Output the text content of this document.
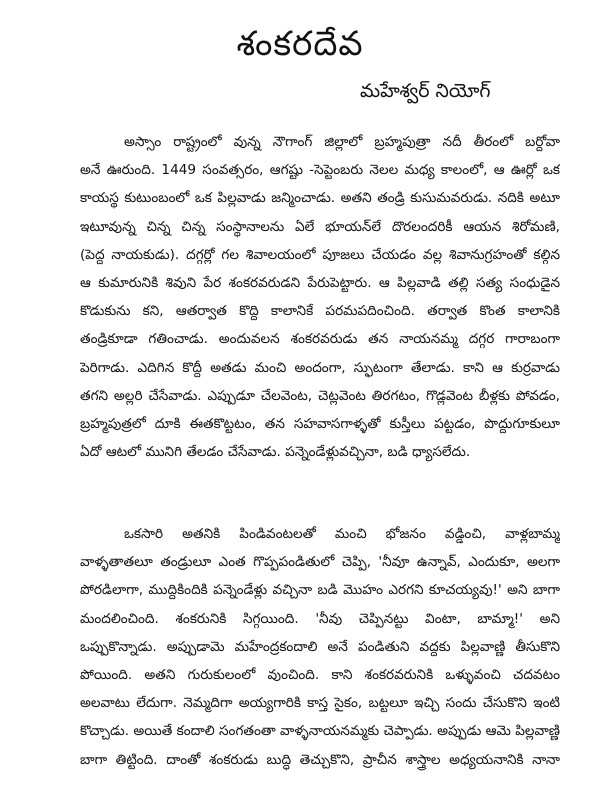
శంకరదేవ
మహేశ్వర్ నియోగ్
అస్సాం రాష్ట్రంలో వున్న నౌగాంగ్ జిల్లాలో బ్రహ్మపుత్రా నదీ తీరంలో బర్దోవా
అనే ఊరుంది. 1449 సంవత్సరం, ఆగష్టు -సెప్టెంబరు నెలల మధ్య కాలంలో, ఆ ఊర్లో ఒక
కాయస్థ కుటుంబంలో ఒక పిల్లవాడు జన్మించాడు. అతని తండ్రి కుసుమవరుడు. నదికి అటూ
ఇటూవున్న చిన్న చిన్న సంస్థానాలను ఏలే భూయన్‌లే దొరలందరికీ ఆయన శిరోమణి,
(పెద్ద నాయకుడు). దగ్గర్లో గల శివాలయంలో పూజలు చేయడం వల్ల శివానుగ్రహంతో కల్గిన
ఆ కుమారునికి శివుని పేర శంకరవరుడని పేరుపెట్టారు. ఆ పిల్లవాడి తల్లి సత్య సంధుడైన
కొడుకును కని, ఆతర్వాత కొద్ది కాలానికే పరమపదించింది. తర్వాత కొంత కాలానికి
తండ్రికూడా గతించాడు. అందువలన శంకరవరుడు తన నాయనమ్మ దగ్గర గారాబంగా
పెరిగాడు. ఎదిగిన కొద్దీ అతడు మంచి అందంగా, స్ఫుటంగా తేలాడు. కాని ఆ కుర్రవాడు
తగని అల్లరి చేసేవాడు. ఎప్పుడూ చేలవెంట, చెట్లవెంట తిరగటం, గొడ్లవెంట బీళ్లకు పోవడం,
బ్రహ్మపుత్రలో దూకి ఈతకొట్టటం, తన సహవాసగాళ్ళతో కుస్తీలు పట్టడం, పొద్దుగూకులూ
ఏదో ఆటలో మునిగి తేలడం చేసేవాడు. పన్నెండేళ్లువచ్చినా, బడి ధ్యాసలేదు.
ఒకసారి అతనికి పిండివంటలతో మంచి భోజనం వడ్డించి, వాళ్లబామ్మ
వాళ్ళతాతలూ తండ్రులూ ఎంత గొప్పపండితులో చెప్పి, 'నీవూ ఉన్నావ్, ఎందుకూ, అలగా
పోరడిలాగా, ముద్దికిందికి పన్నెండేళ్లు వచ్చినా బడి మొహం ఎరగని కూచయ్యవు!' అని బాగా
మందలించింది. శంకరునికి సిగ్గయింది. 'నీవు చెప్పినట్టు వింటా, బామ్మా!' అని
ఒప్పుకొన్నాడు. అప్పుడామె మహేంద్రకందాలి అనే పండితుని వద్దకు పిల్లవాణ్ణి తీసుకొని
పోయింది. అతని గురుకులంలో వుంచింది. కాని శంకరవరునికి ఒళ్ళువంచి చదవటం
అలవాటు లేదుగా. నెమ్మదిగా అయ్యగారికి కాస్త సైకం, బట్టలూ ఇచ్చి సందు చేసుకొని ఇంటి
కొచ్చాడు. అయితే కందాలి సంగతంతా వాళ్ళనాయనమ్మకు చెప్పాడు. అప్పుడు ఆమె పిల్లవాణ్ణి
బాగా తిట్టింది. దాంతో శంకరుడు బుద్ధి తెచ్చుకొని, ప్రాచీన శాస్త్రాల అధ్యయనానికి నానా
